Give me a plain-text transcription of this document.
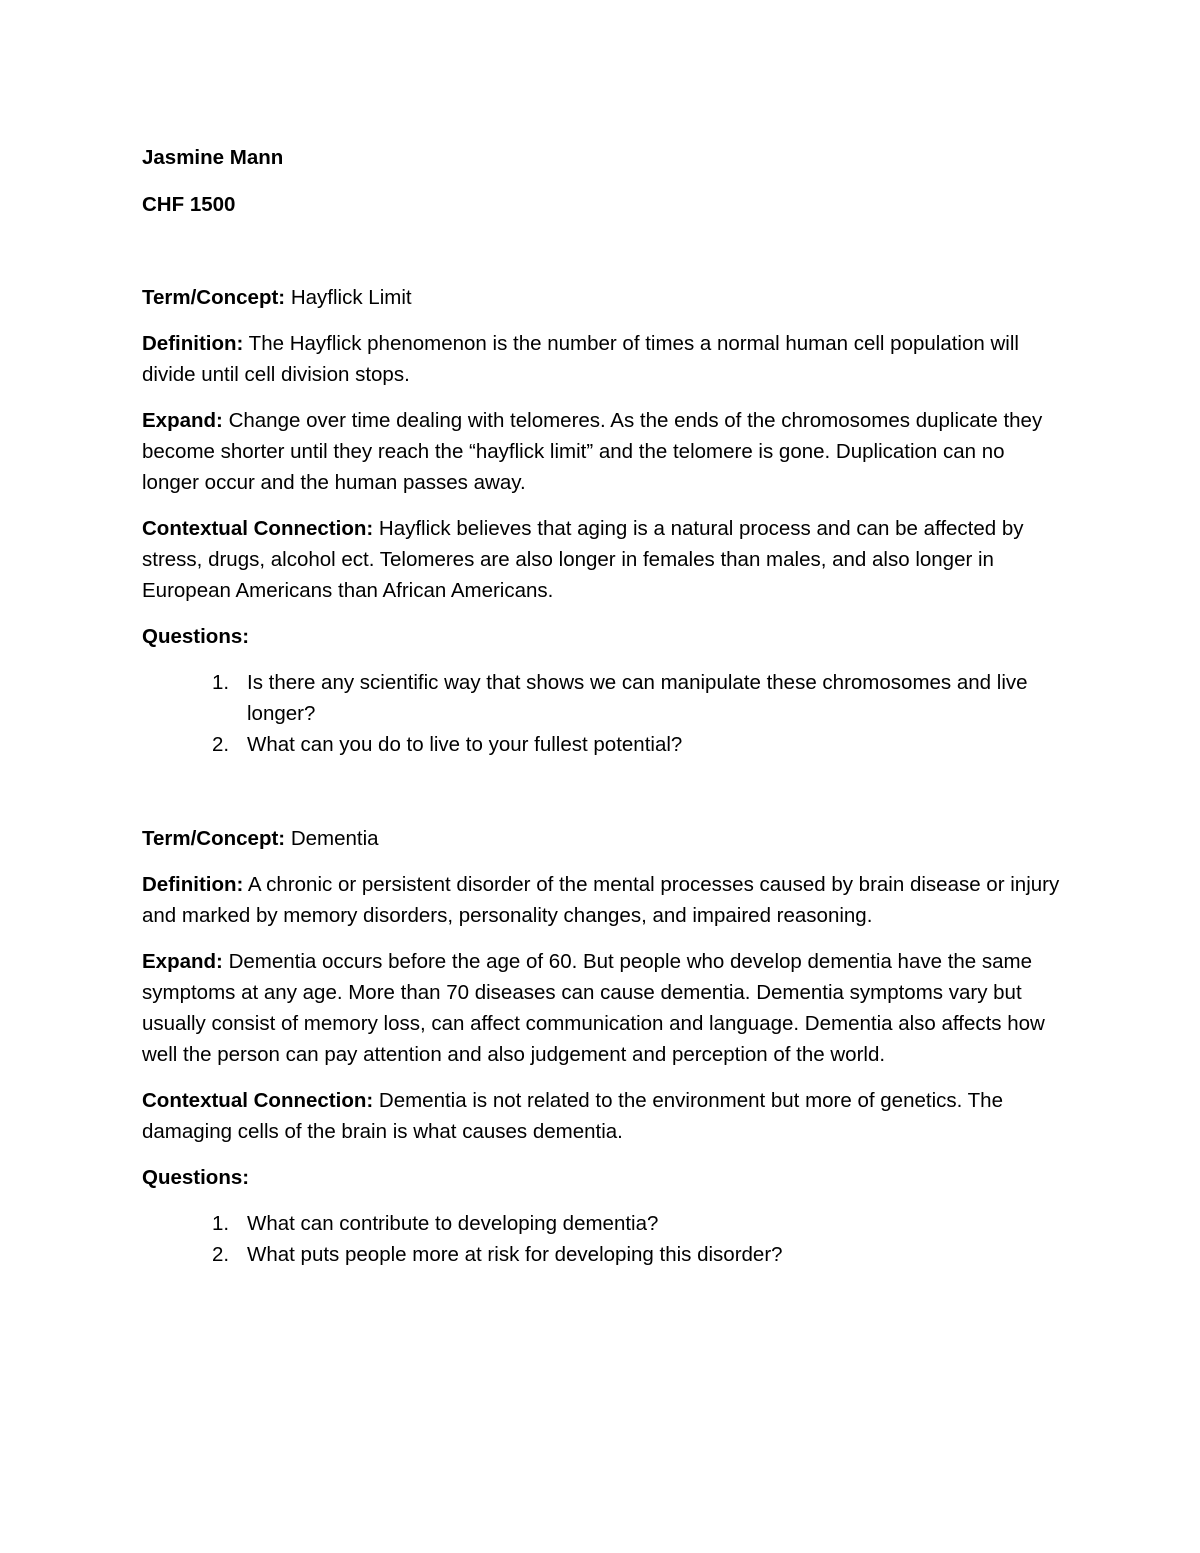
Jasmine Mann

CHF 1500

Term/Concept: Hayflick Limit

Definition: The Hayflick phenomenon is the number of times a normal human cell population will divide until cell division stops.

Expand: Change over time dealing with telomeres. As the ends of the chromosomes duplicate they become shorter until they reach the “hayflick limit” and the telomere is gone. Duplication can no longer occur and the human passes away.

Contextual Connection: Hayflick believes that aging is a natural process and can be affected by stress, drugs, alcohol ect. Telomeres are also longer in females than males, and also longer in European Americans than African Americans.

Questions:

1. Is there any scientific way that shows we can manipulate these chromosomes and live longer?
2. What can you do to live to your fullest potential?

Term/Concept: Dementia

Definition: A chronic or persistent disorder of the mental processes caused by brain disease or injury and marked by memory disorders, personality changes, and impaired reasoning.

Expand: Dementia occurs before the age of 60. But people who develop dementia have the same symptoms at any age. More than 70 diseases can cause dementia. Dementia symptoms vary but usually consist of memory loss, can affect communication and language. Dementia also affects how well the person can pay attention and also judgement and perception of the world.

Contextual Connection: Dementia is not related to the environment but more of genetics. The damaging cells of the brain is what causes dementia.

Questions:

1. What can contribute to developing dementia?
2. What puts people more at risk for developing this disorder?
